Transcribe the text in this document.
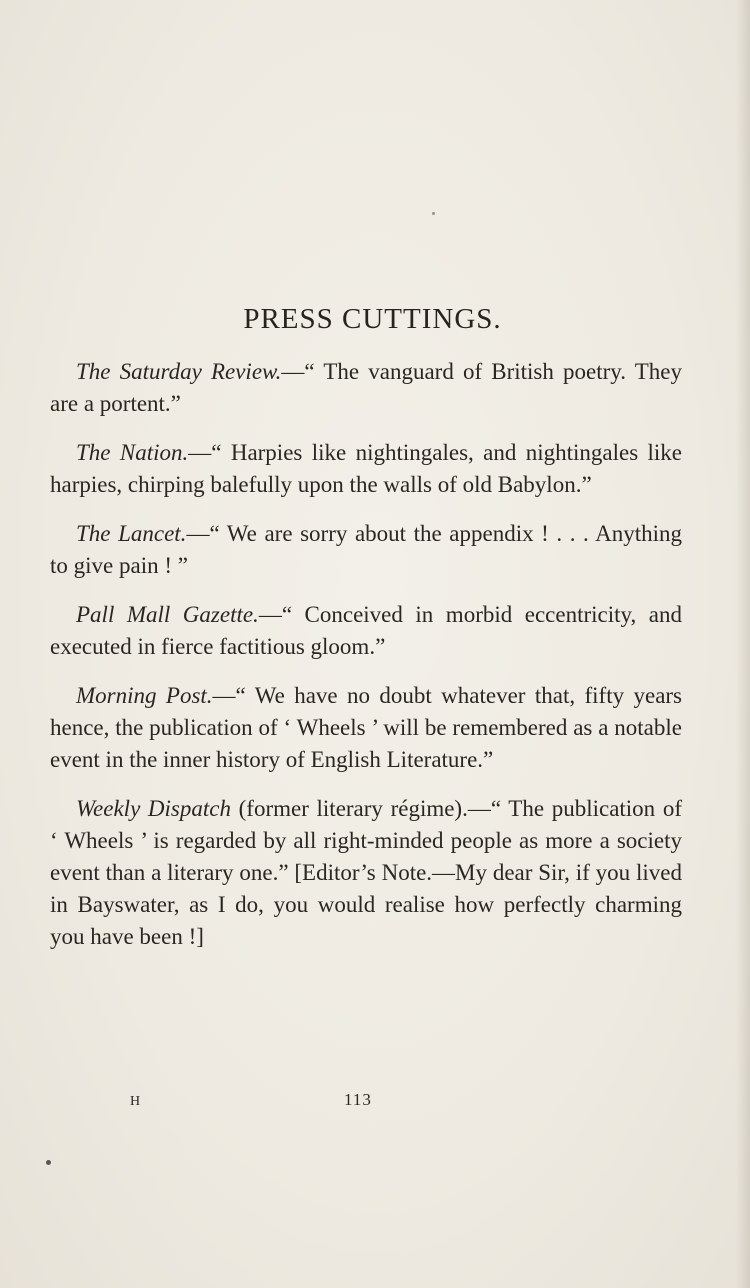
PRESS CUTTINGS.

The Saturday Review.—“ The vanguard of British poetry. They are a portent.”

The Nation.—“ Harpies like nightingales, and nightingales like harpies, chirping balefully upon the walls of old Babylon.”

The Lancet.—“ We are sorry about the appendix ! . . . Anything to give pain ! ”

Pall Mall Gazette.—“ Conceived in morbid eccentricity, and executed in fierce factitious gloom.”

Morning Post.—“ We have no doubt whatever that, fifty years hence, the publication of ‘ Wheels ’ will be remembered as a notable event in the inner history of English Literature.”

Weekly Dispatch (former literary régime).—“ The publication of ‘ Wheels ’ is regarded by all right-minded people as more a society event than a literary one.” [Editor’s Note.—My dear Sir, if you lived in Bayswater, as I do, you would realise how perfectly charming you have been !]

H	113
